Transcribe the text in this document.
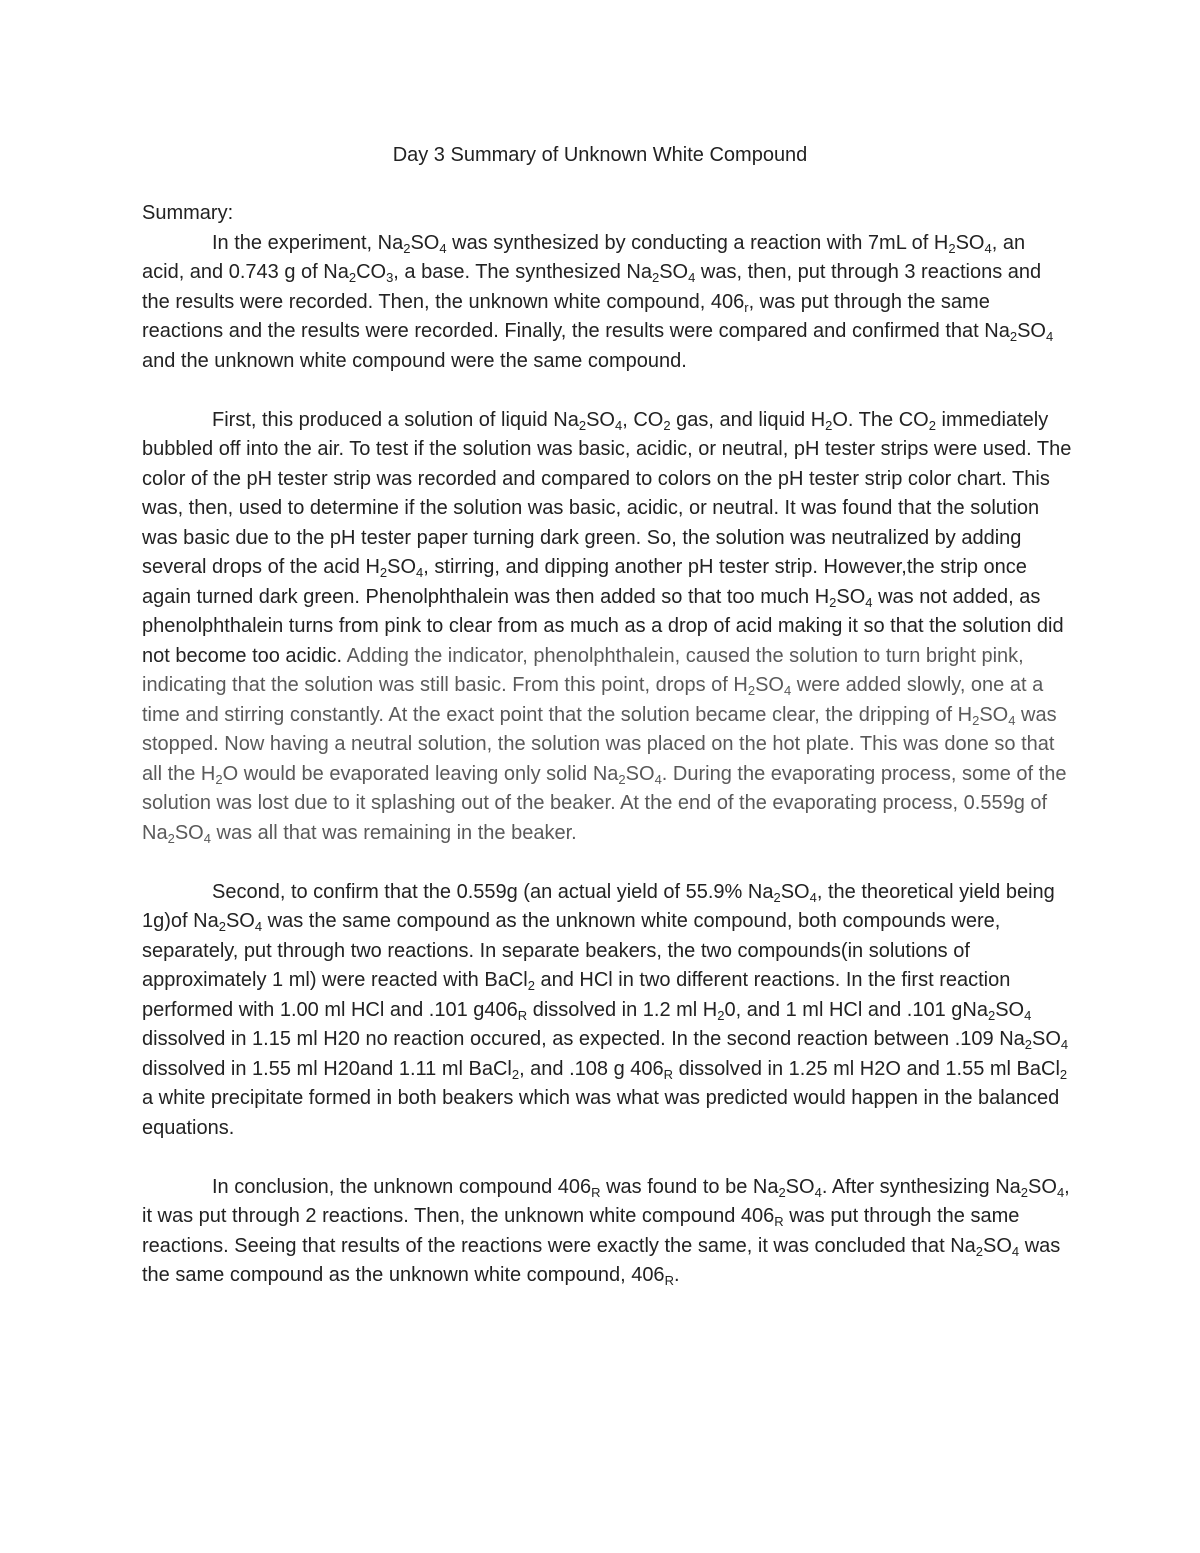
Day 3 Summary of Unknown White Compound
Summary:

In the experiment, $Na_2SO_4$ was synthesized by conducting a reaction with 7mL of $H_2SO_4$, an acid, and 0.743 g of $Na_2CO_3$, a base. The synthesized $Na_2SO_4$ was, then, put through 3 reactions and the results were recorded. Then, the unknown white compound, $406_r$, was put through the same reactions and the results were recorded. Finally, the results were compared and confirmed that $Na_2SO_4$ and the unknown white compound were the same compound.

First, this produced a solution of liquid $Na_2SO_4$, $CO_2$ gas, and liquid $H_2O$. The $CO_2$ immediately bubbled off into the air. To test if the solution was basic, acidic, or neutral, pH tester strips were used. The color of the pH tester strip was recorded and compared to colors on the pH tester strip color chart. This was, then, used to determine if the solution was basic, acidic, or neutral. It was found that the solution was basic due to the pH tester paper turning dark green. So, the solution was neutralized by adding several drops of the acid $H_2SO_4$, stirring, and dipping another pH tester strip. However,the strip once again turned dark green. Phenolphthalein was then added so that too much $H_2SO_4$ was not added, as phenolphthalein turns from pink to clear from as much as a drop of acid making it so that the solution did not become too acidic. Adding the indicator, phenolphthalein, caused the solution to turn bright pink, indicating that the solution was still basic. From this point, drops of $H_2SO_4$ were added slowly, one at a time and stirring constantly. At the exact point that the solution became clear, the dripping of $H_2SO_4$ was stopped. Now having a neutral solution, the solution was placed on the hot plate. This was done so that all the $H_2O$ would be evaporated leaving only solid $Na_2SO_4$. During the evaporating process, some of the solution was lost due to it splashing out of the beaker. At the end of the evaporating process, 0.559g of $Na_2SO_4$ was all that was remaining in the beaker.

Second, to confirm that the 0.559g (an actual yield of 55.9% $Na_2SO_4$, the theoretical yield being 1g)of $Na_2SO_4$ was the same compound as the unknown white compound, both compounds were, separately, put through two reactions. In separate beakers, the two compounds(in solutions of approximately 1 ml) were reacted with BaCl$_2$ and HCl in two different reactions. In the first reaction performed with 1.00 ml HCl and .101 $g406_R$ dissolved in 1.2 ml $H_20$, and 1 ml HCl and .101 $gNa_2SO_4$ dissolved in 1.15 ml H20 no reaction occured, as expected. In the second reaction between .109 $Na_2SO_4$ dissolved in 1.55 ml H20and 1.11 ml BaCl$_2$, and .108 g $406_R$ dissolved in 1.25 ml H2O and 1.55 ml BaCl$_2$ a white precipitate formed in both beakers which was what was predicted would happen in the balanced equations.

In conclusion, the unknown compound $406_R$ was found to be $Na_2SO_4$. After synthesizing $Na_2SO_4$, it was put through 2 reactions. Then, the unknown white compound $406_R$ was put through the same reactions. Seeing that results of the reactions were exactly the same, it was concluded that $Na_2SO_4$ was the same compound as the unknown white compound, $406_R$.
